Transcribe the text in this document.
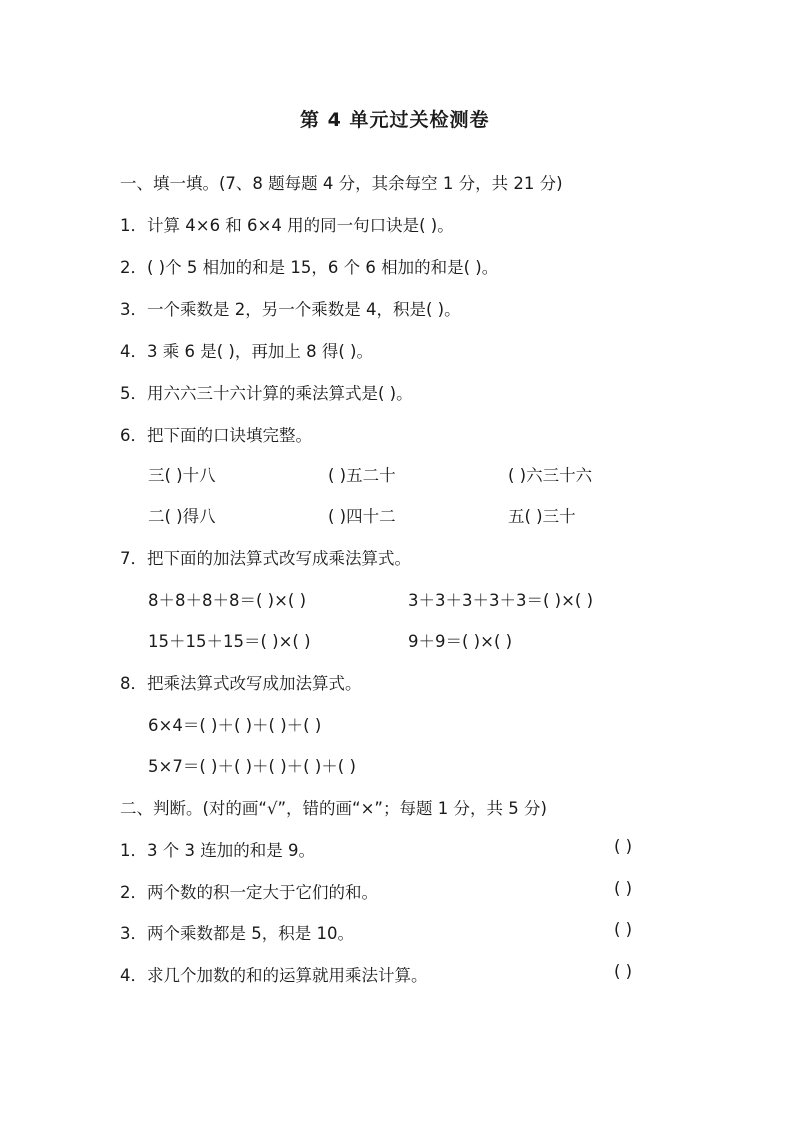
第 4 单元过关检测卷
一、填一填。(7、8 题每题 4 分，其余每空 1 分，共 21 分)
1．计算 4×6 和 6×4 用的同一句口诀是( )。
2．( )个 5 相加的和是 15，6 个 6 相加的和是( )。
3．一个乘数是 2，另一个乘数是 4，积是( )。
4．3 乘 6 是( )，再加上 8 得( )。
5．用六六三十六计算的乘法算式是( )。
6．把下面的口诀填完整。
三( )十八	( )五二十	( )六三十六
二( )得八	( )四十二	五( )三十
7．把下面的加法算式改写成乘法算式。
8＋8＋8＋8＝( )×( )	3＋3＋3＋3＋3＝( )×( )
15＋15＋15＝( )×( )	9＋9＝( )×( )
8．把乘法算式改写成加法算式。
6×4＝( )＋( )＋( )＋( )
5×7＝( )＋( )＋( )＋( )＋( )
二、判断。(对的画“√”，错的画“×”；每题 1 分，共 5 分)
1．3 个 3 连加的和是 9。	( )
2．两个数的积一定大于它们的和。	( )
3．两个乘数都是 5，积是 10。	( )
4．求几个加数的和的运算就用乘法计算。	( )
